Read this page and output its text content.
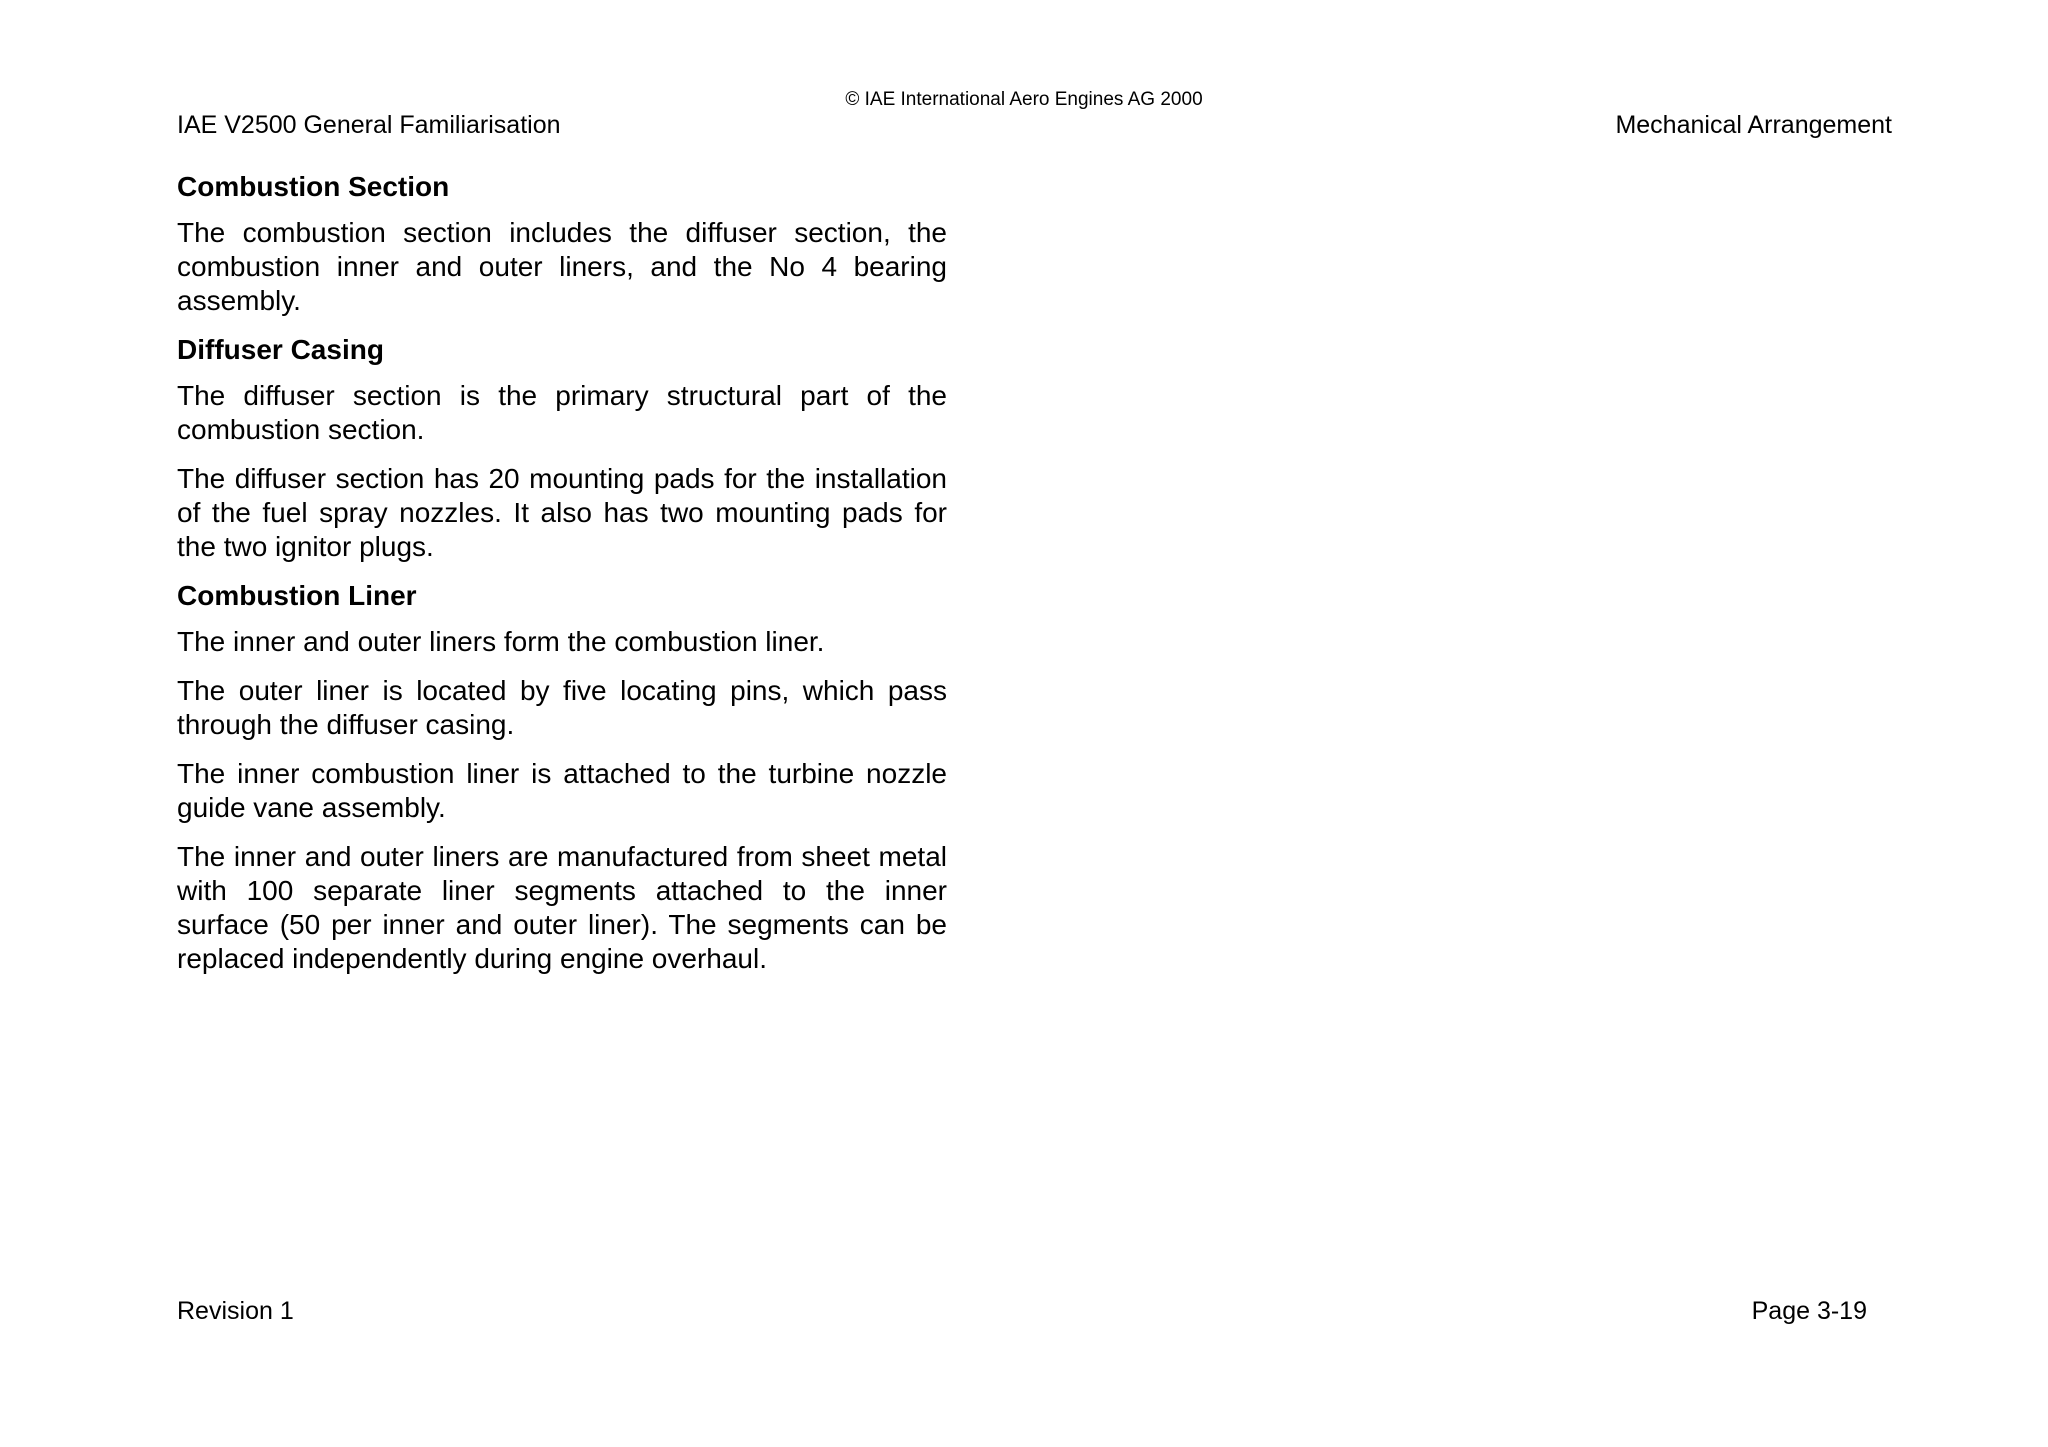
© IAE International Aero Engines AG 2000
IAE V2500 General Familiarisation	Mechanical Arrangement
Combustion Section

The combustion section includes the diffuser section, the combustion inner and outer liners, and the No 4 bearing assembly.

Diffuser Casing

The diffuser section is the primary structural part of the combustion section.

The diffuser section has 20 mounting pads for the installation of the fuel spray nozzles. It also has two mounting pads for the two ignitor plugs.

Combustion Liner

The inner and outer liners form the combustion liner.

The outer liner is located by five locating pins, which pass through the diffuser casing.

The inner combustion liner is attached to the turbine nozzle guide vane assembly.

The inner and outer liners are manufactured from sheet metal with 100 separate liner segments attached to the inner surface (50 per inner and outer liner). The segments can be replaced independently during engine overhaul.

Revision 1	Page 3-19
